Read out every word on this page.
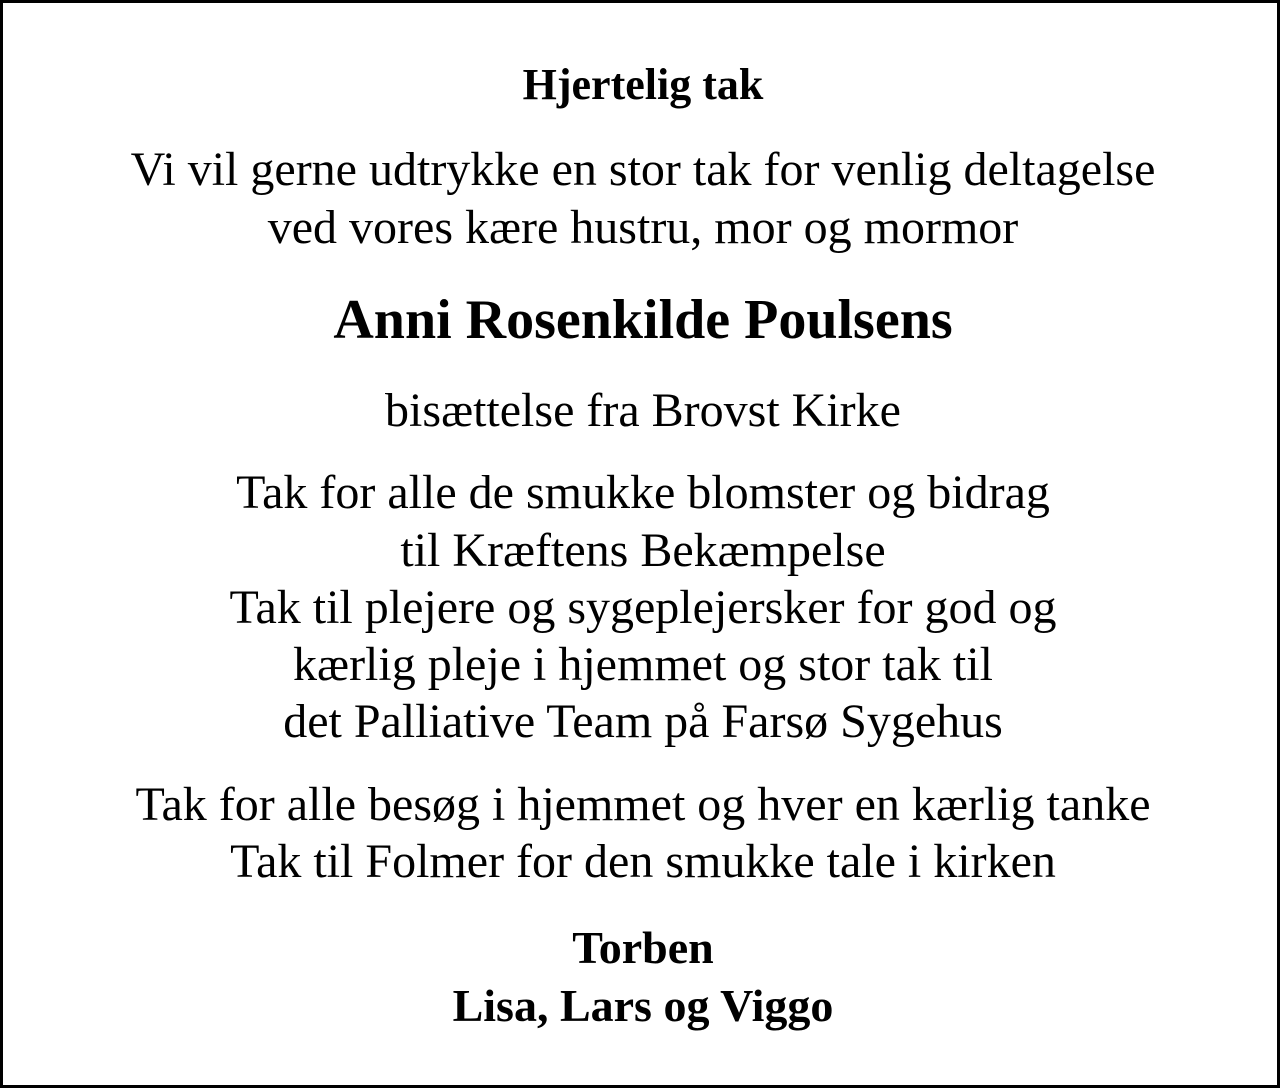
Hjertelig tak
Vi vil gerne udtrykke en stor tak for venlig deltagelse
ved vores kære hustru, mor og mormor
Anni Rosenkilde Poulsens
bisættelse fra Brovst Kirke
Tak for alle de smukke blomster og bidrag
til Kræftens Bekæmpelse
Tak til plejere og sygeplejersker for god og
kærlig pleje i hjemmet og stor tak til
det Palliative Team på Farsø Sygehus
Tak for alle besøg i hjemmet og hver en kærlig tanke
Tak til Folmer for den smukke tale i kirken
Torben
Lisa, Lars og Viggo
